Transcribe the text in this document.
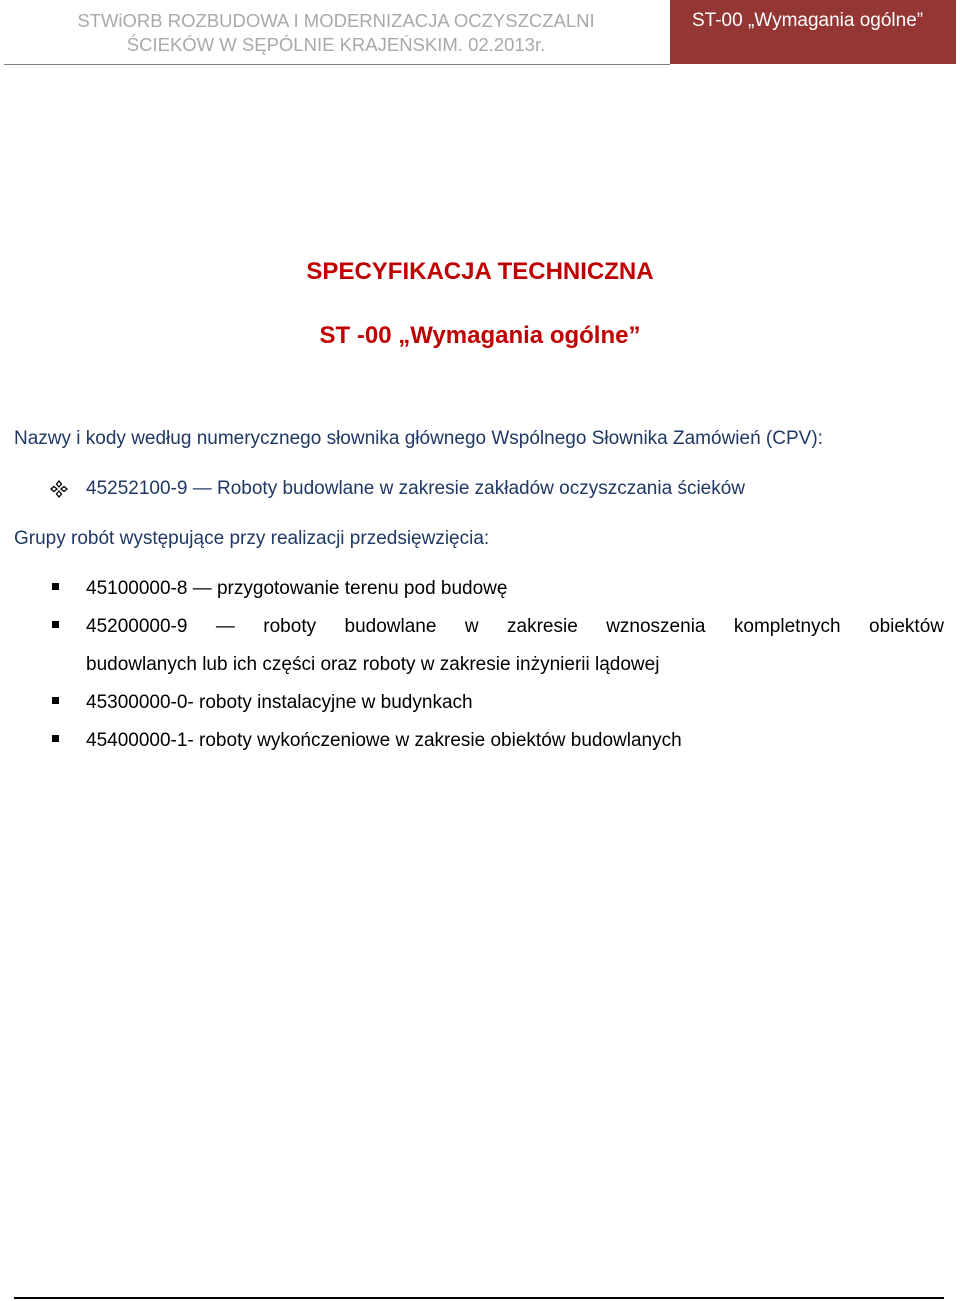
STWiORB ROZBUDOWA I MODERNIZACJA OCZYSZCZALNI
ŚCIEKÓW W SĘPÓLNIE KRAJEŃSKIM. 02.2013r.
ST-00 „Wymagania ogólne”
SPECYFIKACJA TECHNICZNA
ST -00 „Wymagania ogólne”
Nazwy i kody według numerycznego słownika głównego Wspólnego Słownika Zamówień (CPV):
45252100-9 — Roboty budowlane w zakresie zakładów oczyszczania ścieków
Grupy robót występujące przy realizacji przedsięwzięcia:
45100000-8 — przygotowanie terenu pod budowę
45200000-9 — roboty budowlane w zakresie wznoszenia kompletnych obiektów
budowlanych lub ich części oraz roboty w zakresie inżynierii lądowej
45300000-0- roboty instalacyjne w budynkach
45400000-1- roboty wykończeniowe w zakresie obiektów budowlanych
